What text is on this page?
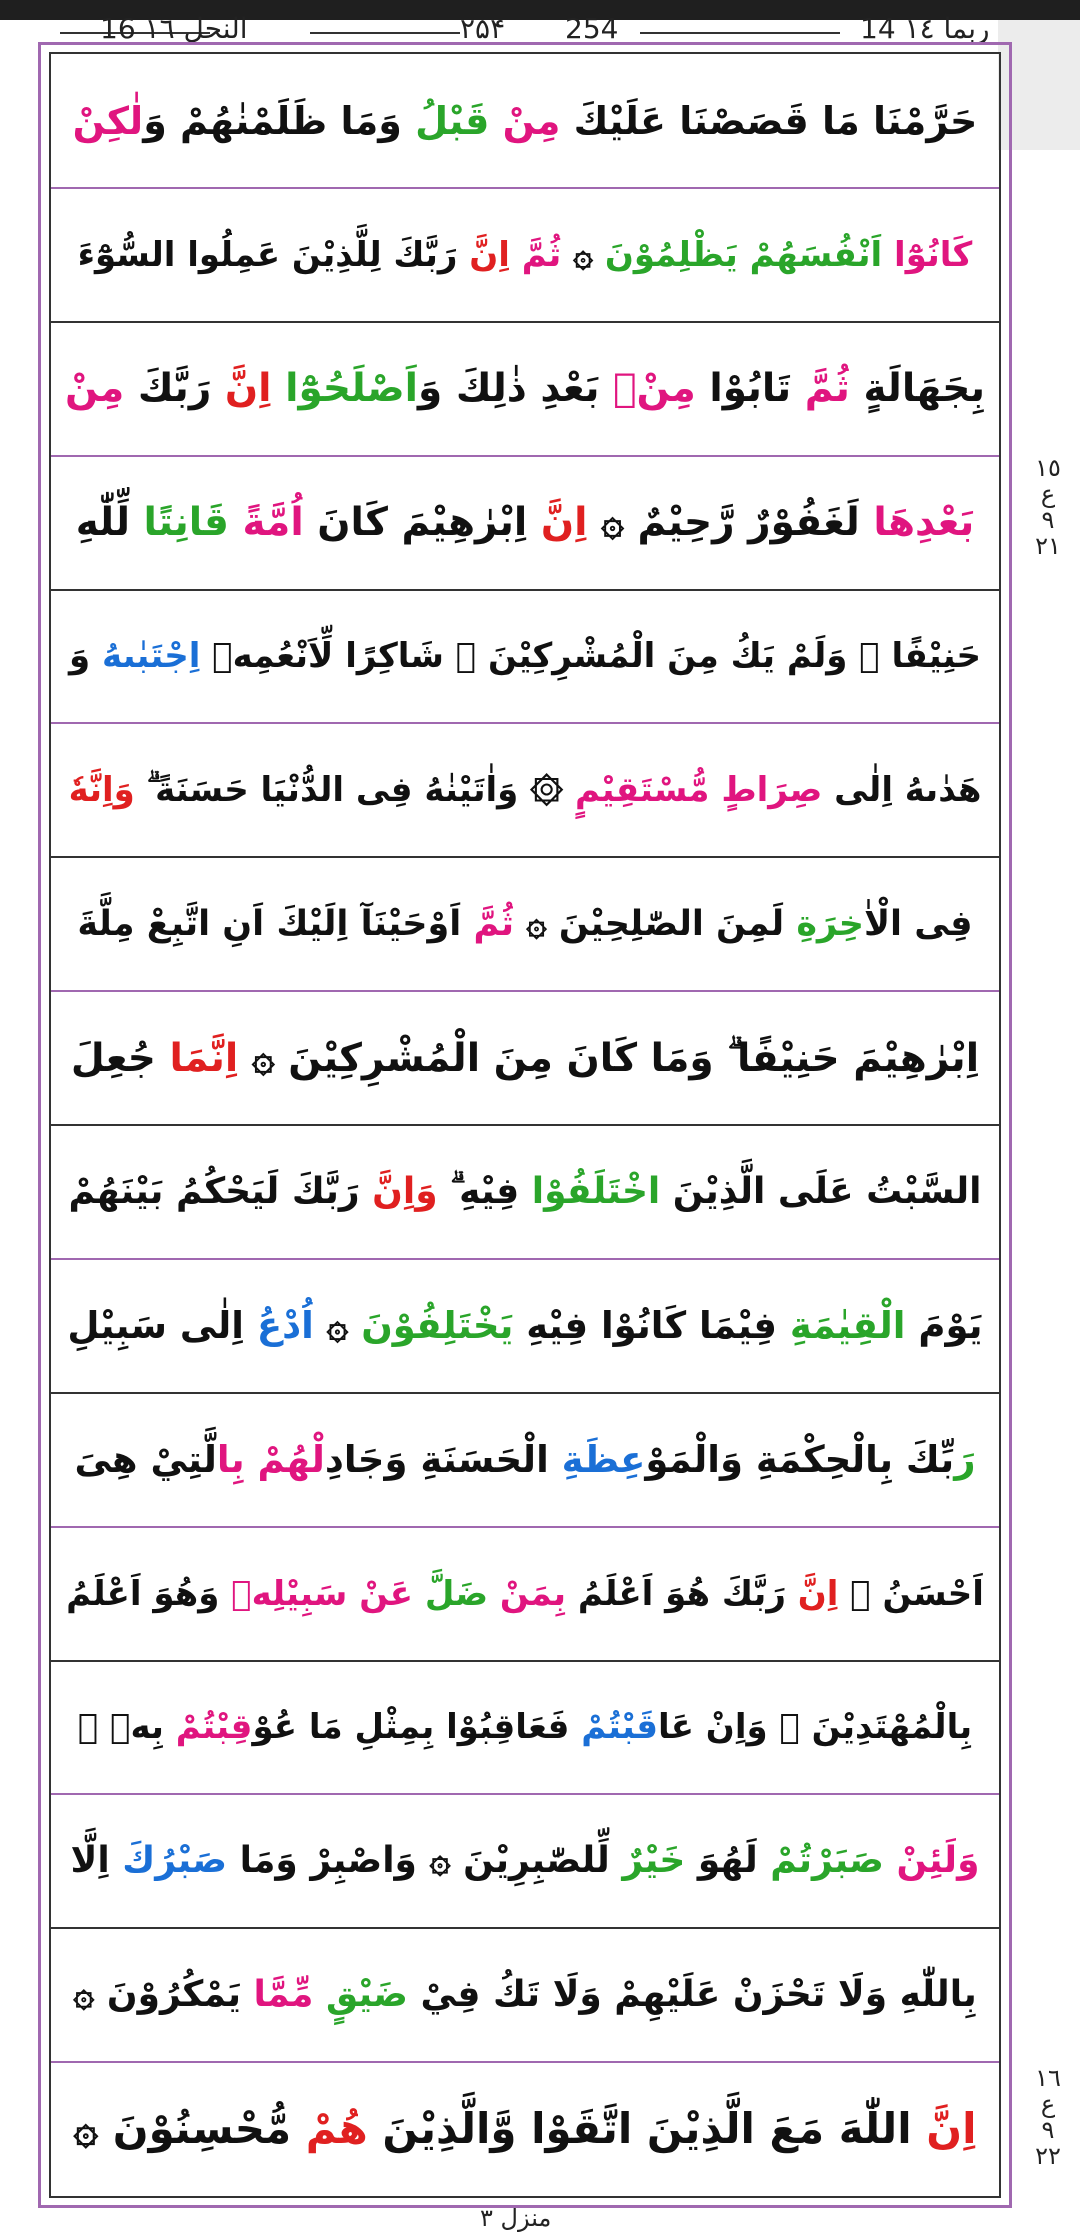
16 النحل ١٦	۲۵۴ 254	14 ربما ١٤
حَرَّمْنَا مَا قَصَصْنَا عَلَيْكَ مِنْ قَبْلُ وَمَا ظَلَمْنٰهُمْ وَلٰكِنْ
كَانُوْٓا اَنْفُسَهُمْ يَظْلِمُوْنَ ۞ ثُمَّ اِنَّ رَبَّكَ لِلَّذِيْنَ عَمِلُوا السُّوْٓءَ
بِجَهَالَةٍ ثُمَّ تَابُوْا مِنْۢ بَعْدِ ذٰلِكَ وَاَصْلَحُوْٓا اِنَّ رَبَّكَ مِنْ
بَعْدِهَا لَغَفُوْرٌ رَّحِيْمٌ ۞ اِنَّ اِبْرٰهِيْمَ كَانَ اُمَّةً قَانِتًا لِّلّٰهِ
حَنِيْفًا ۗ وَلَمْ يَكُ مِنَ الْمُشْرِكِيْنَ ۞ شَاكِرًا لِّاَنْعُمِهٖ اِجْتَبٰىهُ وَ
هَدٰىهُ اِلٰى صِرَاطٍ مُّسْتَقِيْمٍ ۞ وَاٰتَيْنٰهُ فِى الدُّنْيَا حَسَنَةً ۗ وَاِنَّهٗ
فِى الْاٰخِرَةِ لَمِنَ الصّٰلِحِيْنَ ۞ ثُمَّ اَوْحَيْنَآ اِلَيْكَ اَنِ اتَّبِعْ مِلَّةَ
اِبْرٰهِيْمَ حَنِيْفًا ۗ وَمَا كَانَ مِنَ الْمُشْرِكِيْنَ ۞ اِنَّمَا جُعِلَ
السَّبْتُ عَلَى الَّذِيْنَ اخْتَلَفُوْا فِيْهِ ۗ وَاِنَّ رَبَّكَ لَيَحْكُمُ بَيْنَهُمْ
يَوْمَ الْقِيٰمَةِ فِيْمَا كَانُوْا فِيْهِ يَخْتَلِفُوْنَ ۞ اُدْعُ اِلٰى سَبِيْلِ
رَبِّكَ بِالْحِكْمَةِ وَالْمَوْعِظَةِ الْحَسَنَةِ وَجَادِلْهُمْ بِالَّتِيْ هِىَ
اَحْسَنُ ۗ اِنَّ رَبَّكَ هُوَ اَعْلَمُ بِمَنْ ضَلَّ عَنْ سَبِيْلِهٖ وَهُوَ اَعْلَمُ
بِالْمُهْتَدِيْنَ ۞ وَاِنْ عَاقَبْتُمْ فَعَاقِبُوْا بِمِثْلِ مَا عُوْقِبْتُمْ بِهٖ ۗ
وَلَئِنْ صَبَرْتُمْ لَهُوَ خَيْرٌ لِّلصّٰبِرِيْنَ ۞ وَاصْبِرْ وَمَا صَبْرُكَ اِلَّا
بِاللّٰهِ وَلَا تَحْزَنْ عَلَيْهِمْ وَلَا تَكُ فِيْ ضَيْقٍ مِّمَّا يَمْكُرُوْنَ ۞
اِنَّ اللّٰهَ مَعَ الَّذِيْنَ اتَّقَوْا وَّالَّذِيْنَ هُمْ مُّحْسِنُوْنَ ۞
١٥
ع
٩
٢١
١٦
ع
٩
٢٢
منزل ٣
